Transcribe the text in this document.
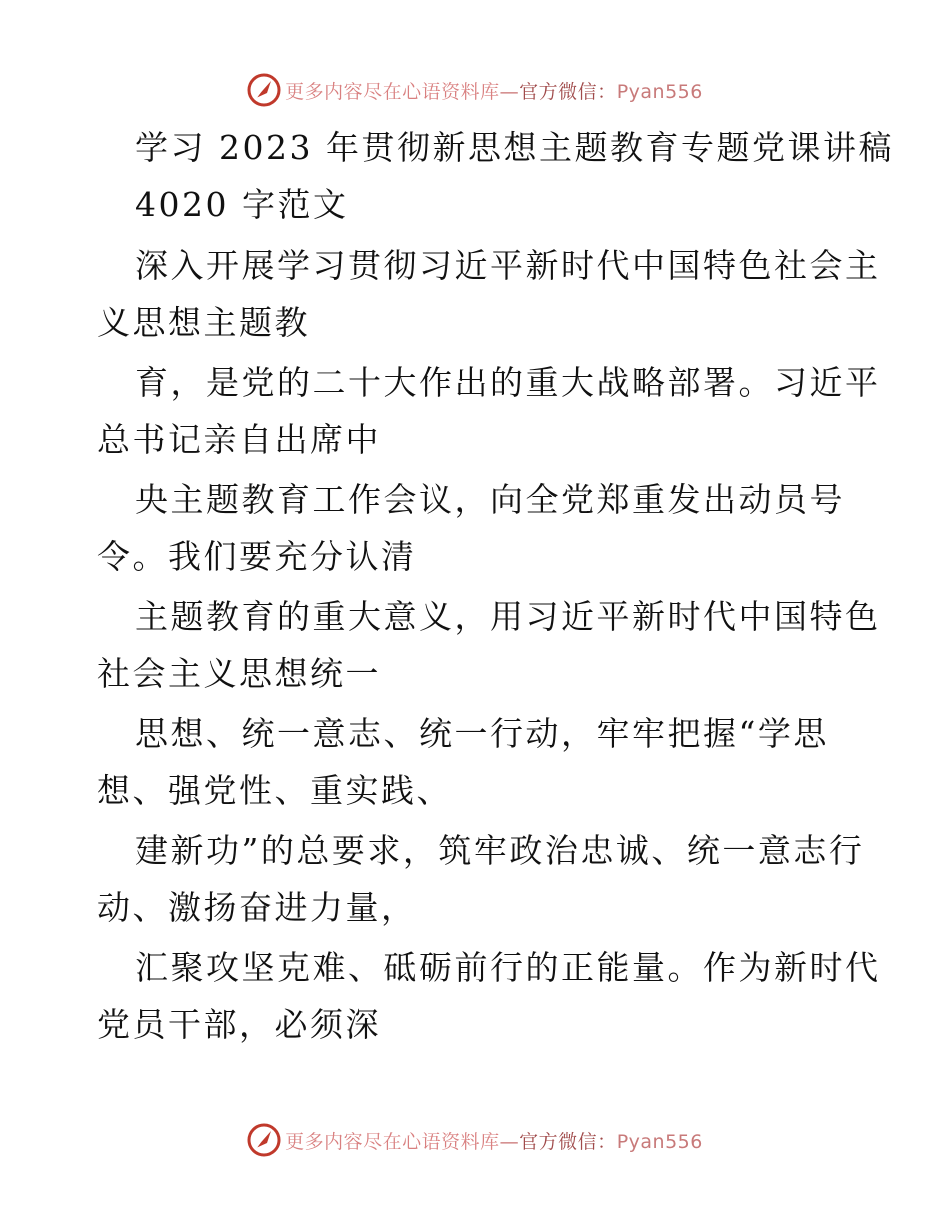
更多内容尽在心语资料库—官方微信：Pyan556
学习 2023 年贯彻新思想主题教育专题党课讲稿
4020 字范文
深入开展学习贯彻习近平新时代中国特色社会主
义思想主题教
育，是党的二十大作出的重大战略部署。习近平
总书记亲自出席中
央主题教育工作会议，向全党郑重发出动员号
令。我们要充分认清
主题教育的重大意义，用习近平新时代中国特色
社会主义思想统一
思想、统一意志、统一行动，牢牢把握“学思
想、强党性、重实践、
建新功”的总要求，筑牢政治忠诚、统一意志行
动、激扬奋进力量，
汇聚攻坚克难、砥砺前行的正能量。作为新时代
党员干部，必须深
更多内容尽在心语资料库—官方微信：Pyan556
